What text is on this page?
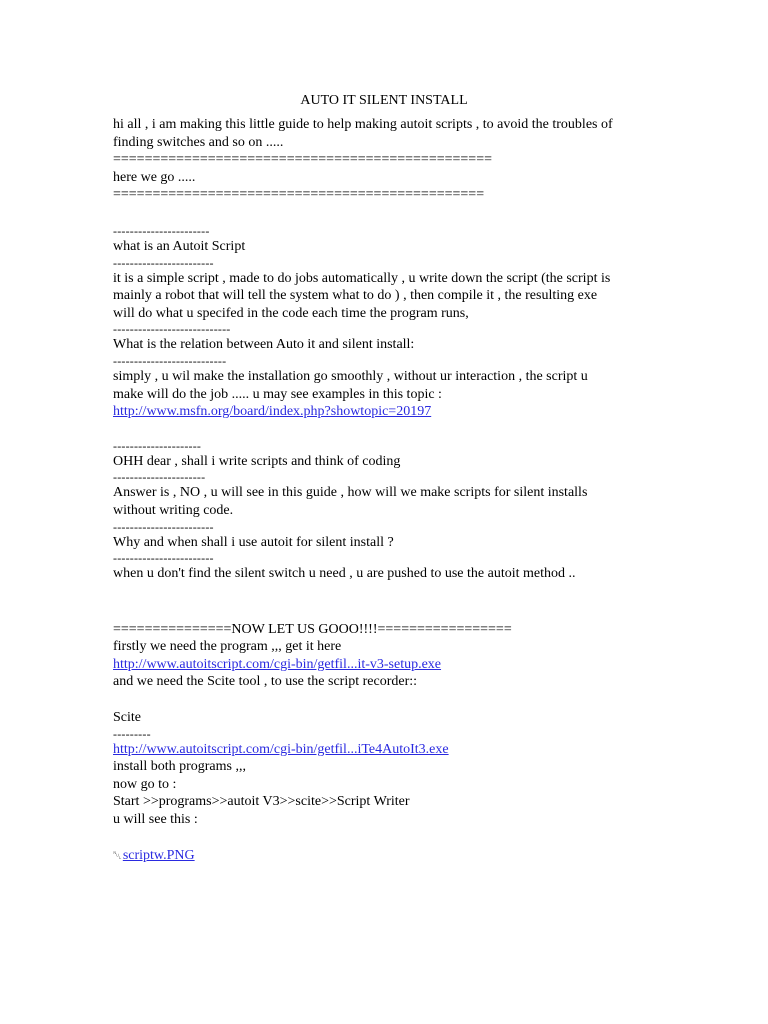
AUTO IT SILENT INSTALL
hi all , i am making this little guide to help making autoit scripts , to avoid the troubles of
finding switches and so on .....
================================================
here we go .....
===============================================
-----------------------
what is an Autoit Script
------------------------
it is a simple script , made to do jobs automatically , u write down the script (the script is
mainly a robot that will tell the system what to do ) , then compile it , the resulting exe
will do what u specifed in the code each time the program runs,
----------------------------
What is the relation between Auto it and silent install:
---------------------------
simply , u wil make the installation go smoothly , without ur interaction , the script u
make will do the job ..... u may see examples in this topic :
http://www.msfn.org/board/index.php?showtopic=20197
---------------------
OHH dear , shall i write scripts and think of coding
----------------------
Answer is , NO , u will see in this guide , how will we make scripts for silent installs
without writing code.
------------------------
Why and when shall i use autoit for silent install ?
------------------------
when u don't find the silent switch u need , u are pushed to use the autoit method ..
===============NOW LET US GOOO!!!!=================
firstly we need the program ,,, get it here
http://www.autoitscript.com/cgi-bin/getfil...it-v3-setup.exe
and we need the Scite tool , to use the script recorder::
Scite
---------
http://www.autoitscript.com/cgi-bin/getfil...iTe4AutoIt3.exe
install both programs ,,,
now go to :
Start >>programs>>autoit V3>>scite>>Script Writer
u will see this :
␀scriptw.PNG
